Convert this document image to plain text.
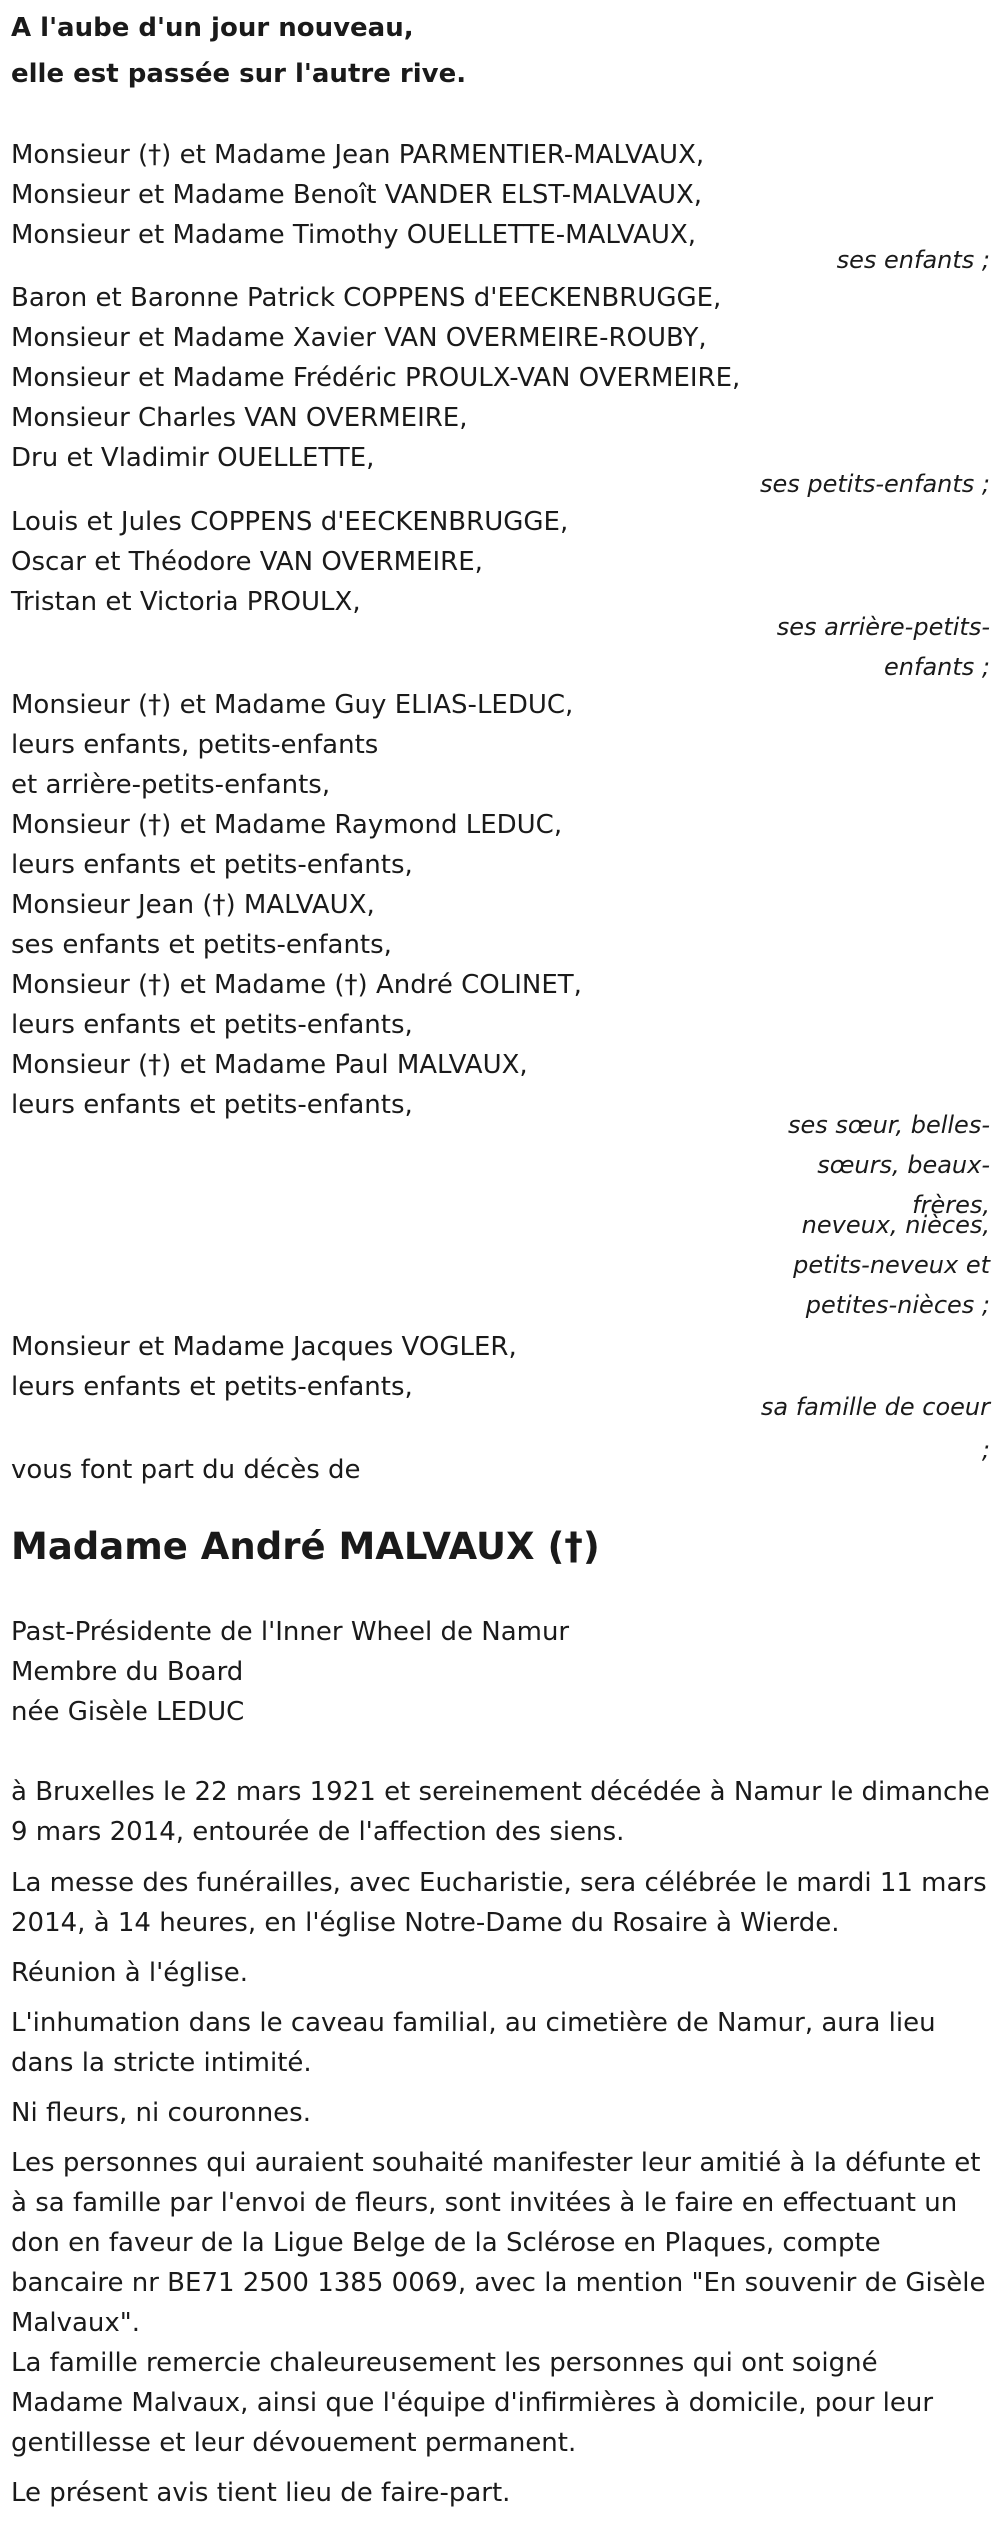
A l'aube d'un jour nouveau,
elle est passée sur l'autre rive.
Monsieur (†) et Madame Jean PARMENTIER-MALVAUX,
Monsieur et Madame Benoît VANDER ELST-MALVAUX,
Monsieur et Madame Timothy OUELLETTE-MALVAUX,
ses enfants ;
Baron et Baronne Patrick COPPENS d'EECKENBRUGGE,
Monsieur et Madame Xavier VAN OVERMEIRE-ROUBY,
Monsieur et Madame Frédéric PROULX-VAN OVERMEIRE,
Monsieur Charles VAN OVERMEIRE,
Dru et Vladimir OUELLETTE,
ses petits-enfants ;
Louis et Jules COPPENS d'EECKENBRUGGE,
Oscar et Théodore VAN OVERMEIRE,
Tristan et Victoria PROULX,
ses arrière-petits-
enfants ;
Monsieur (†) et Madame Guy ELIAS-LEDUC,
leurs enfants, petits-enfants
et arrière-petits-enfants,
Monsieur (†) et Madame Raymond LEDUC,
leurs enfants et petits-enfants,
Monsieur Jean (†) MALVAUX,
ses enfants et petits-enfants,
Monsieur (†) et Madame (†) André COLINET,
leurs enfants et petits-enfants,
Monsieur (†) et Madame Paul MALVAUX,
leurs enfants et petits-enfants,
ses sœur, belles-
sœurs, beaux-
frères,
neveux, nièces,
petits-neveux et
petites-nièces ;
Monsieur et Madame Jacques VOGLER,
leurs enfants et petits-enfants,
sa famille de coeur
;
vous font part du décès de
Madame André MALVAUX (†)
Past-Présidente de l'Inner Wheel de Namur
Membre du Board
née Gisèle LEDUC
à Bruxelles le 22 mars 1921 et sereinement décédée à Namur le dimanche 9 mars 2014, entourée de l'affection des siens.
La messe des funérailles, avec Eucharistie, sera célébrée le mardi 11 mars 2014, à 14 heures, en l'église Notre-Dame du Rosaire à Wierde.
Réunion à l'église.
L'inhumation dans le caveau familial, au cimetière de Namur, aura lieu dans la stricte intimité.
Ni fleurs, ni couronnes.
Les personnes qui auraient souhaité manifester leur amitié à la défunte et à sa famille par l'envoi de fleurs, sont invitées à le faire en effectuant un don en faveur de la Ligue Belge de la Sclérose en Plaques, compte bancaire nr BE71 2500 1385 0069, avec la mention "En souvenir de Gisèle Malvaux".
La famille remercie chaleureusement les personnes qui ont soigné Madame Malvaux, ainsi que l'équipe d'infirmières à domicile, pour leur gentillesse et leur dévouement permanent.
Le présent avis tient lieu de faire-part.
